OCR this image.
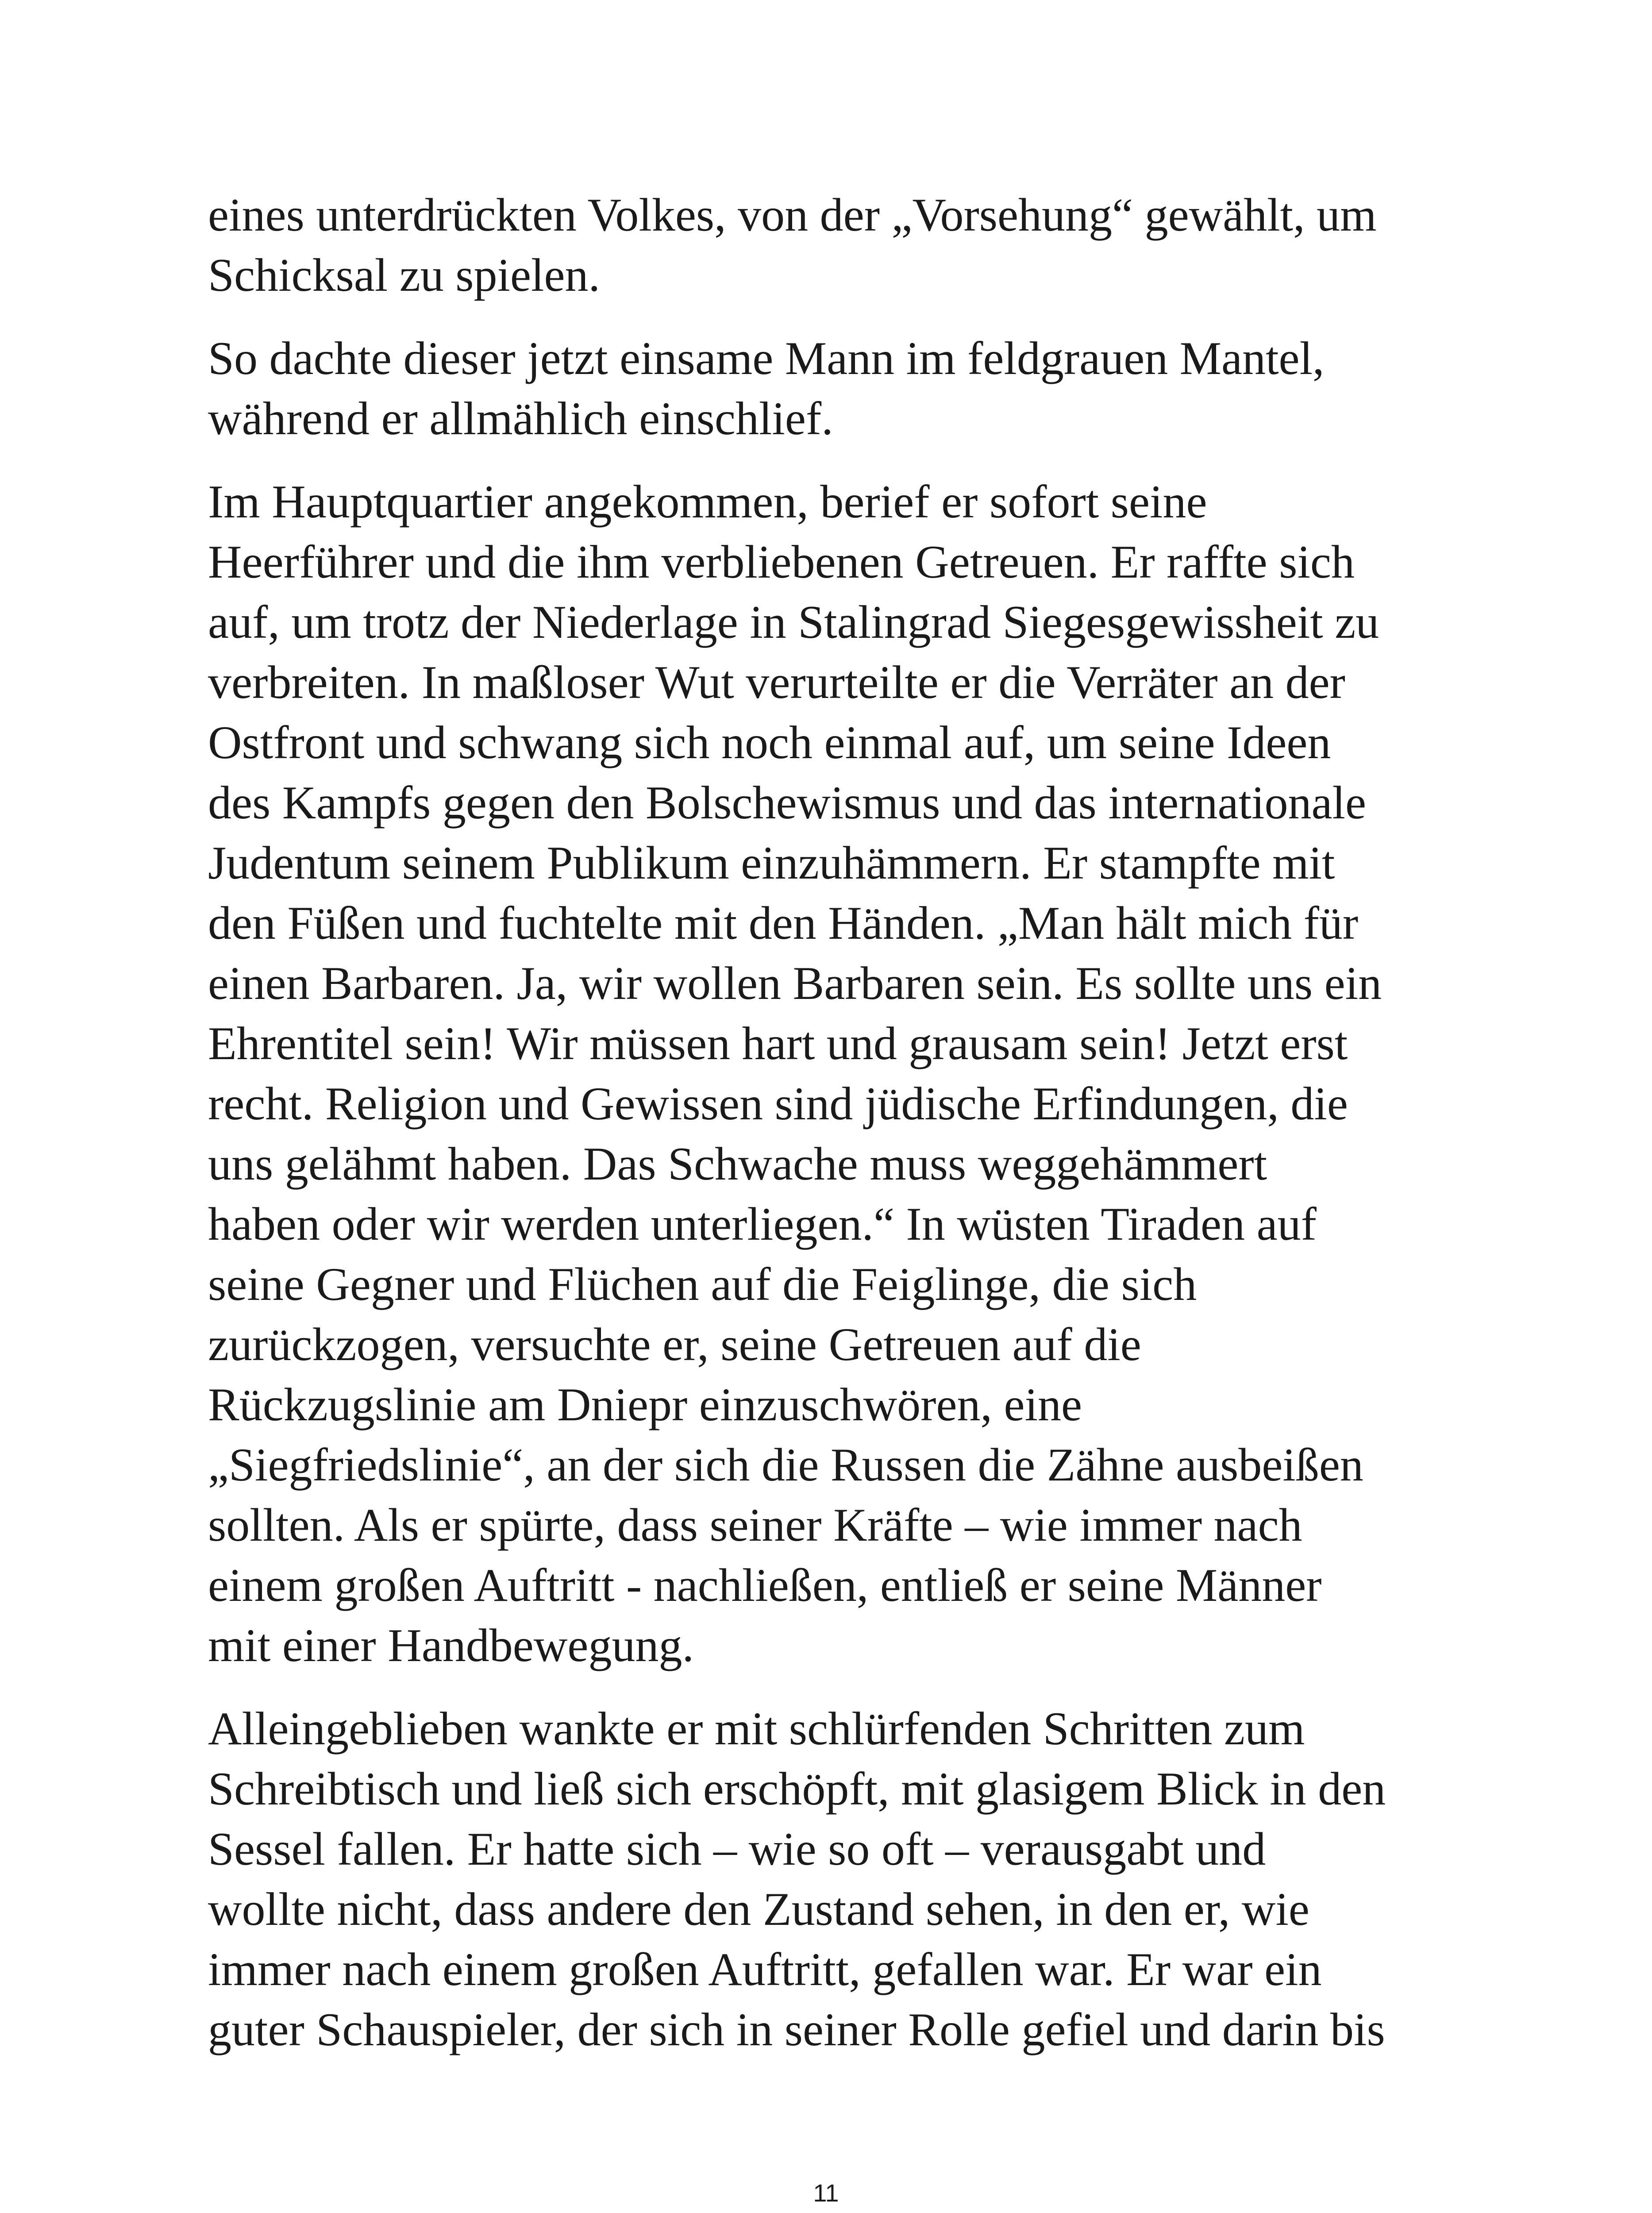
eines unterdrückten Volkes, von der „Vorsehung“ gewählt, um
Schicksal zu spielen.

So dachte dieser jetzt einsame Mann im feldgrauen Mantel,
während er allmählich einschlief.

Im Hauptquartier angekommen, berief er sofort seine
Heerführer und die ihm verbliebenen Getreuen. Er raffte sich
auf, um trotz der Niederlage in Stalingrad Siegesgewissheit zu
verbreiten. In maßloser Wut verurteilte er die Verräter an der
Ostfront und schwang sich noch einmal auf, um seine Ideen
des Kampfs gegen den Bolschewismus und das internationale
Judentum seinem Publikum einzuhämmern. Er stampfte mit
den Füßen und fuchtelte mit den Händen. „Man hält mich für
einen Barbaren. Ja, wir wollen Barbaren sein. Es sollte uns ein
Ehrentitel sein! Wir müssen hart und grausam sein! Jetzt erst
recht. Religion und Gewissen sind jüdische Erfindungen, die
uns gelähmt haben. Das Schwache muss weggehämmert
haben oder wir werden unterliegen.“ In wüsten Tiraden auf
seine Gegner und Flüchen auf die Feiglinge, die sich
zurückzogen, versuchte er, seine Getreuen auf die
Rückzugslinie am Dniepr einzuschwören, eine
„Siegfriedslinie“, an der sich die Russen die Zähne ausbeißen
sollten. Als er spürte, dass seiner Kräfte – wie immer nach
einem großen Auftritt - nachließen, entließ er seine Männer
mit einer Handbewegung.

Alleingeblieben wankte er mit schlürfenden Schritten zum
Schreibtisch und ließ sich erschöpft, mit glasigem Blick in den
Sessel fallen. Er hatte sich – wie so oft – verausgabt und
wollte nicht, dass andere den Zustand sehen, in den er, wie
immer nach einem großen Auftritt, gefallen war. Er war ein
guter Schauspieler, der sich in seiner Rolle gefiel und darin bis

11
